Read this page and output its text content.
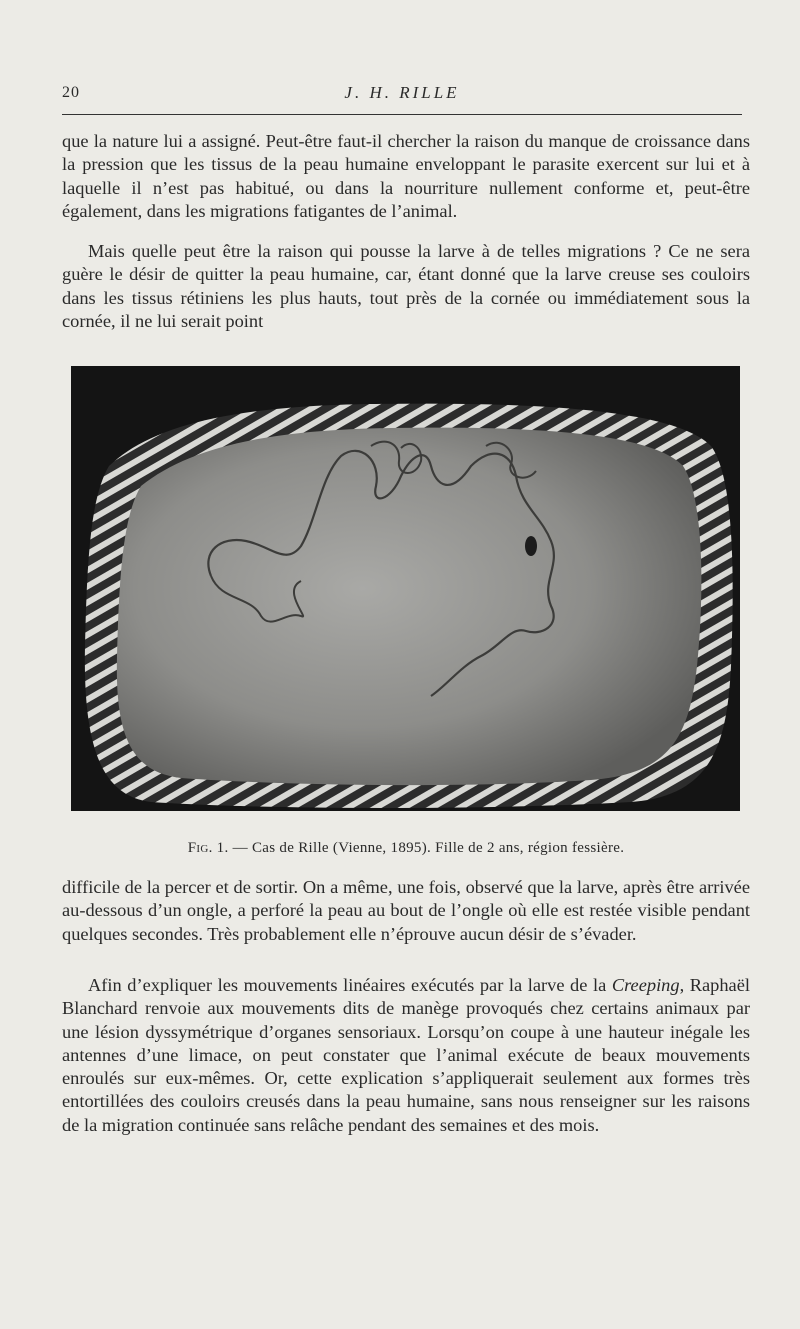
20	J. H. RILLE

que la nature lui a assigné. Peut-être faut-il chercher la raison du manque de croissance dans la pression que les tissus de la peau humaine enveloppant le parasite exercent sur lui et à laquelle il n’est pas habitué, ou dans la nourriture nullement conforme et, peut-être également, dans les migrations fatigantes de l’animal.

Mais quelle peut être la raison qui pousse la larve à de telles migrations ? Ce ne sera guère le désir de quitter la peau humaine, car, étant donné que la larve creuse ses couloirs dans les tissus rétiniens les plus hauts, tout près de la cornée ou immédiatement sous la cornée, il ne lui serait point

Fig. 1. — Cas de Rille (Vienne, 1895). Fille de 2 ans, région fessière.

difficile de la percer et de sortir. On a même, une fois, observé que la larve, après être arrivée au-dessous d’un ongle, a perforé la peau au bout de l’ongle où elle est restée visible pendant quelques secondes. Très probablement elle n’éprouve aucun désir de s’évader.

Afin d’expliquer les mouvements linéaires exécutés par la larve de la Creeping, Raphaël Blanchard renvoie aux mouvements dits de manège provoqués chez certains animaux par une lésion dyssymétrique d’organes sensoriaux. Lorsqu’on coupe à une hauteur inégale les antennes d’une limace, on peut constater que l’animal exécute de beaux mouvements enroulés sur eux-mêmes. Or, cette explication s’appliquerait seulement aux formes très entortillées des couloirs creusés dans la peau humaine, sans nous renseigner sur les raisons de la migration continuée sans relâche pendant des semaines et des mois.
